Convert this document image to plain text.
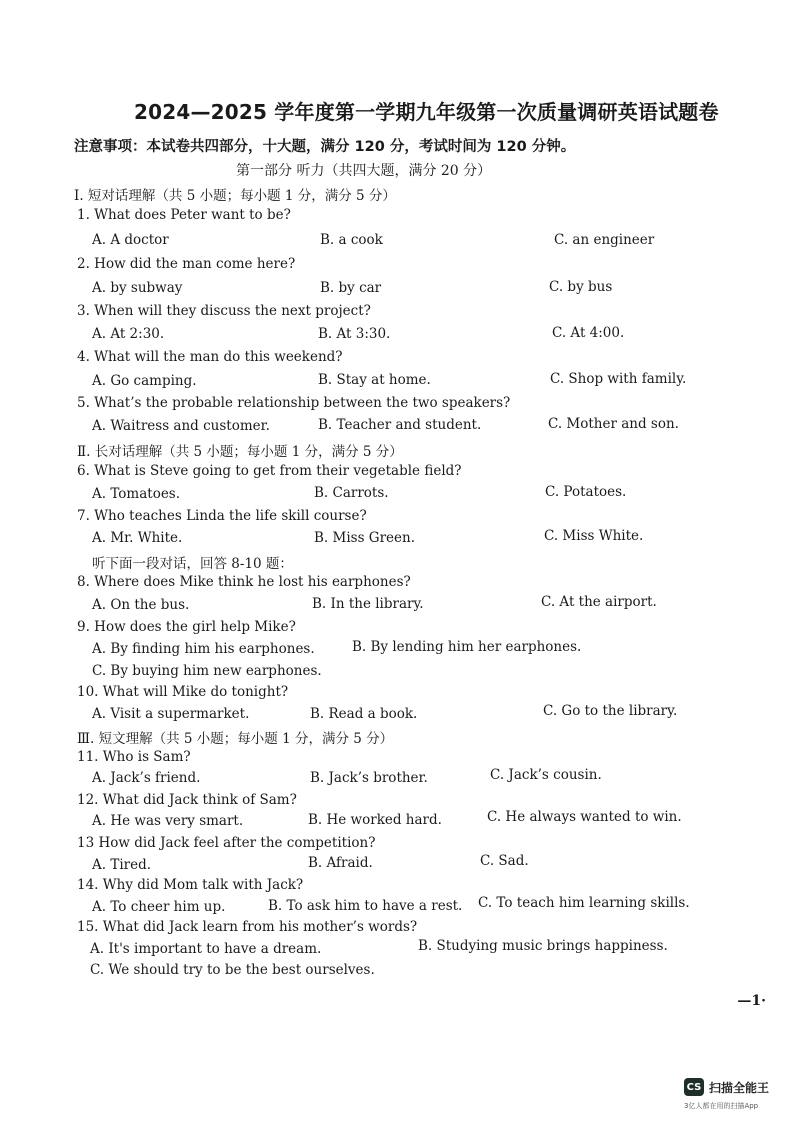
2024—2025 学年度第一学期九年级第一次质量调研英语试题卷
注意事项：本试卷共四部分，十大题，满分 120 分，考试时间为 120 分钟。
第一部分 听力（共四大题，满分 20 分）
Ⅰ. 短对话理解（共 5 小题；每小题 1 分，满分 5 分）
1. What does Peter want to be?
A. A doctor	B. a cook	C. an engineer
2. How did the man come here?
A. by subway	B. by car	C. by bus
3. When will they discuss the next project?
A. At 2:30.	B. At 3:30.	C. At 4:00.
4. What will the man do this weekend?
A. Go camping.	B. Stay at home.	C. Shop with family.
5. What’s the probable relationship between the two speakers?
A. Waitress and customer.	B. Teacher and student.	C. Mother and son.
Ⅱ. 长对话理解（共 5 小题；每小题 1 分，满分 5 分）
6. What is Steve going to get from their vegetable field?
A. Tomatoes.	B. Carrots.	C. Potatoes.
7. Who teaches Linda the life skill course?
A. Mr. White.	B. Miss Green.	C. Miss White.
听下面一段对话，回答 8-10 题：
8. Where does Mike think he lost his earphones?
A. On the bus.	B. In the library.	C. At the airport.
9. How does the girl help Mike?
A. By finding him his earphones.	B. By lending him her earphones.
C. By buying him new earphones.
10. What will Mike do tonight?
A. Visit a supermarket.	B. Read a book.	C. Go to the library.
Ⅲ. 短文理解（共 5 小题；每小题 1 分，满分 5 分）
11. Who is Sam?
A. Jack’s friend.	B. Jack’s brother.	C. Jack’s cousin.
12. What did Jack think of Sam?
A. He was very smart.	B. He worked hard.	C. He always wanted to win.
13 How did Jack feel after the competition?
A. Tired.	B. Afraid.	C. Sad.
14. Why did Mom talk with Jack?
A. To cheer him up.	B. To ask him to have a rest. C. To teach him learning skills.
15. What did Jack learn from his mother’s words?
A. It's important to have a dream.	B. Studying music brings happiness.
C. We should try to be the best ourselves.
—1·
CS 扫描全能王
3亿人都在用的扫描App
